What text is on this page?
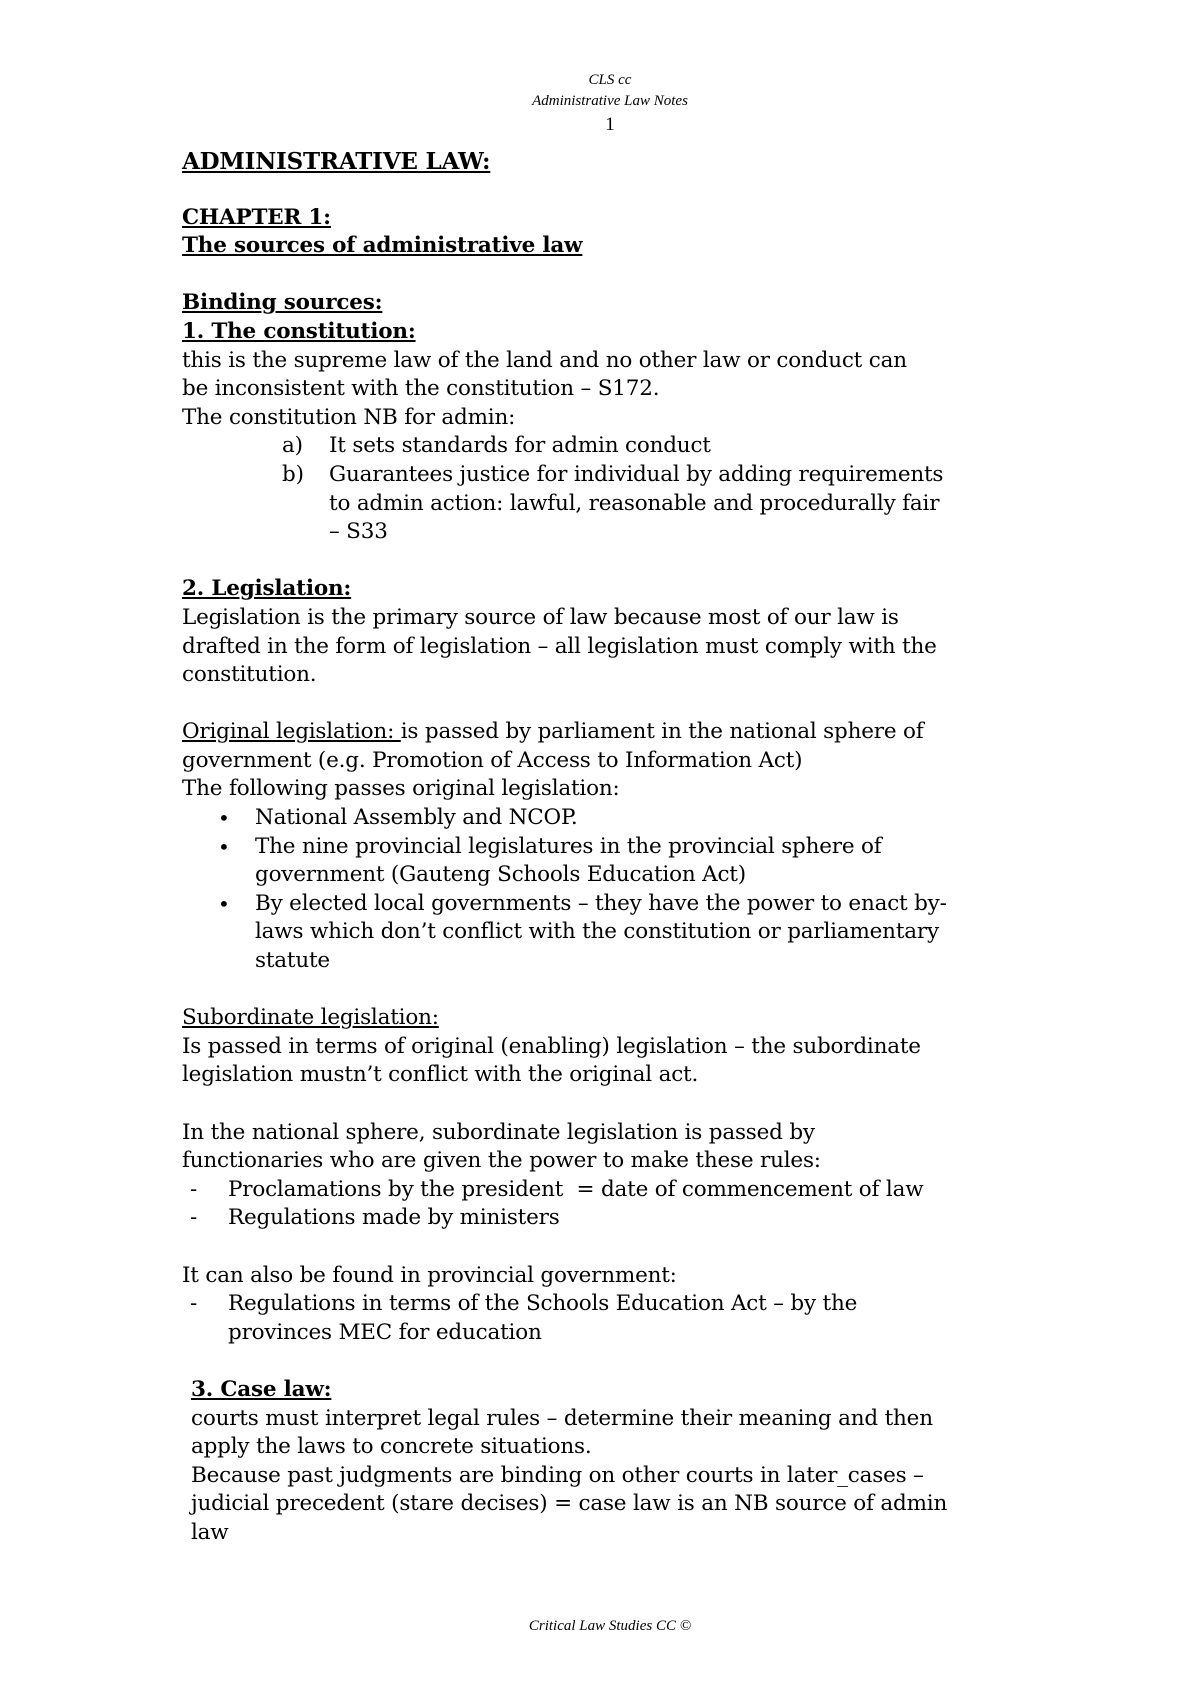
CLS cc
Administrative Law Notes
1
ADMINISTRATIVE LAW:
CHAPTER 1:
The sources of administrative law
Binding sources:
1. The constitution:
this is the supreme law of the land and no other law or conduct can
be inconsistent with the constitution – S172.
The constitution NB for admin:
a) It sets standards for admin conduct
b) Guarantees justice for individual by adding requirements
to admin action: lawful, reasonable and procedurally fair
– S33
2. Legislation:
Legislation is the primary source of law because most of our law is
drafted in the form of legislation – all legislation must comply with the
constitution.
Original legislation: is passed by parliament in the national sphere of
government (e.g. Promotion of Access to Information Act)
The following passes original legislation:
• National Assembly and NCOP.
• The nine provincial legislatures in the provincial sphere of
government (Gauteng Schools Education Act)
• By elected local governments – they have the power to enact by-
laws which don’t conflict with the constitution or parliamentary
statute
Subordinate legislation:
Is passed in terms of original (enabling) legislation – the subordinate
legislation mustn’t conflict with the original act.
In the national sphere, subordinate legislation is passed by
functionaries who are given the power to make these rules:
- Proclamations by the president  = date of commencement of law
- Regulations made by ministers
It can also be found in provincial government:
- Regulations in terms of the Schools Education Act – by the
provinces MEC for education
3. Case law:
courts must interpret legal rules – determine their meaning and then
apply the laws to concrete situations.
Because past judgments are binding on other courts in later_cases –
judicial precedent (stare decises) = case law is an NB source of admin
law
Critical Law Studies CC ©
